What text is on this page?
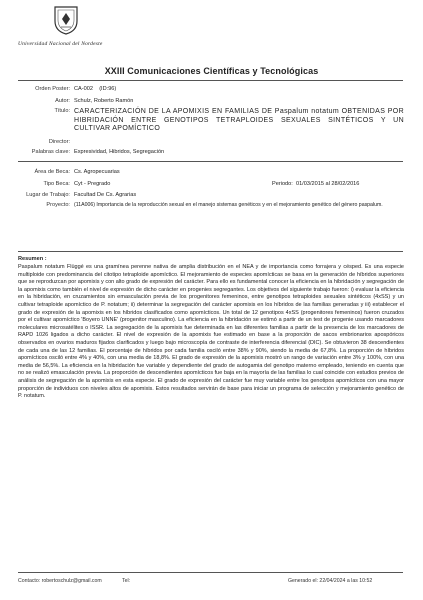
Universidad Nacional del Nordeste
XXIII Comunicaciones Científicas y Tecnológicas
Orden Poster: CA-002 (ID:96)
Autor: Schulz, Roberto Ramón
Título: CARACTERIZACIÓN DE LA APOMIXIS EN FAMILIAS DE Paspalum notatum OBTENIDAS POR HIBRIDACIÓN ENTRE GENOTIPOS TETRAPLOIDES SEXUALES SINTÉTICOS Y UN CULTIVAR APOMÍCTICO
Director:
Palabras clave: Expresividad, Hibridos, Segregación
Área de Beca: Cs. Agropecuarias
Tipo Beca: Cyt - Pregrado	Periodo: 01/03/2015 al 28/02/2016
Lugar de Trabajo: Facultad De Cs. Agrarias
Proyecto: (11A006) Importancia de la reproducción sexual en el manejo sistemas genéticos y en el mejoramiento genético del género paspalum.
Resumen :
Paspalum notatum Flüggé es una gramínea perenne nativa de amplia distribución en el NEA y de importancia como forrajera y césped. Es una especie multiploide con predominancia del citotipo tetraploide apomíctico. El mejoramiento de especies apomícticas se basa en la generación de híbridos superiores que se reproduzcan por apomixis y con alto grado de expresión del carácter. Para ello es fundamental conocer la eficiencia en la hibridación y segregación de la apomixis como también el nivel de expresión de dicho carácter en progenies segregantes. Los objetivos del siguiente trabajo fueron: i) evaluar la eficiencia en la hibridación, en cruzamientos sin emasculación previa de los progenitores femeninos, entre genotipos tetraploides sexuales sintéticos (4xSS) y un cultivar tetraploide apomíctico de P. notatum; ii) determinar la segregación del carácter apomixis en los híbridos de las familias generadas y iii) establecer el grado de expresión de la apomixis en los híbridos clasificados como apomícticos. Un total de 12 genotipos 4xSS (progenitores femeninos) fueron cruzados por el cultivar apomíctico 'Boyero UNNE' (progenitor masculino). La eficiencia en la hibridación se estimó a partir de un test de progenie usando marcadores moleculares microsatélites o ISSR. La segregación de la apomixis fue determinada en las diferentes familias a partir de la presencia de los marcadores de RAPD 1026 ligados a dicho carácter. El nivel de expresión de la apomixis fue estimado en base a la proporción de sacos embrionarios apospóricos observados en ovarios maduros fijados clarificados y luego bajo microscopía de contraste de interferencia diferencial (DIC). Se obtuvieron 38 descendientes de cada una de las 12 familias. El porcentaje de híbridos por cada familia osciló entre 38% y 90%, siendo la media de 67,8%. La proporción de híbridos apomícticos osciló entre 4% y 40%, con una media de 18,8%. El grado de expresión de la apomixis mostró un rango de variación entre 3% y 100%, con una media de 56,5%. La eficiencia en la hibridación fue variable y dependiente del grado de autogamia del genotipo materno empleado, teniendo en cuenta que no se realizó emasculación previa. La proporción de descendientes apomícticos fue baja en la mayoría de las familias lo cual coincide con estudios previos de análisis de segregación de la apomixis en esta especie. El grado de expresión del carácter fue muy variable entre los genotipos apomícticos con una mayor proporción de individuos con niveles altos de apomixis. Estos resultados servirán de base para iniciar un programa de selección y mejoramiento genético de P. notatum.
Contacto: robertoschulz@gmail.com	Tel:	Generado el: 22/04/2024 a las 10:52
